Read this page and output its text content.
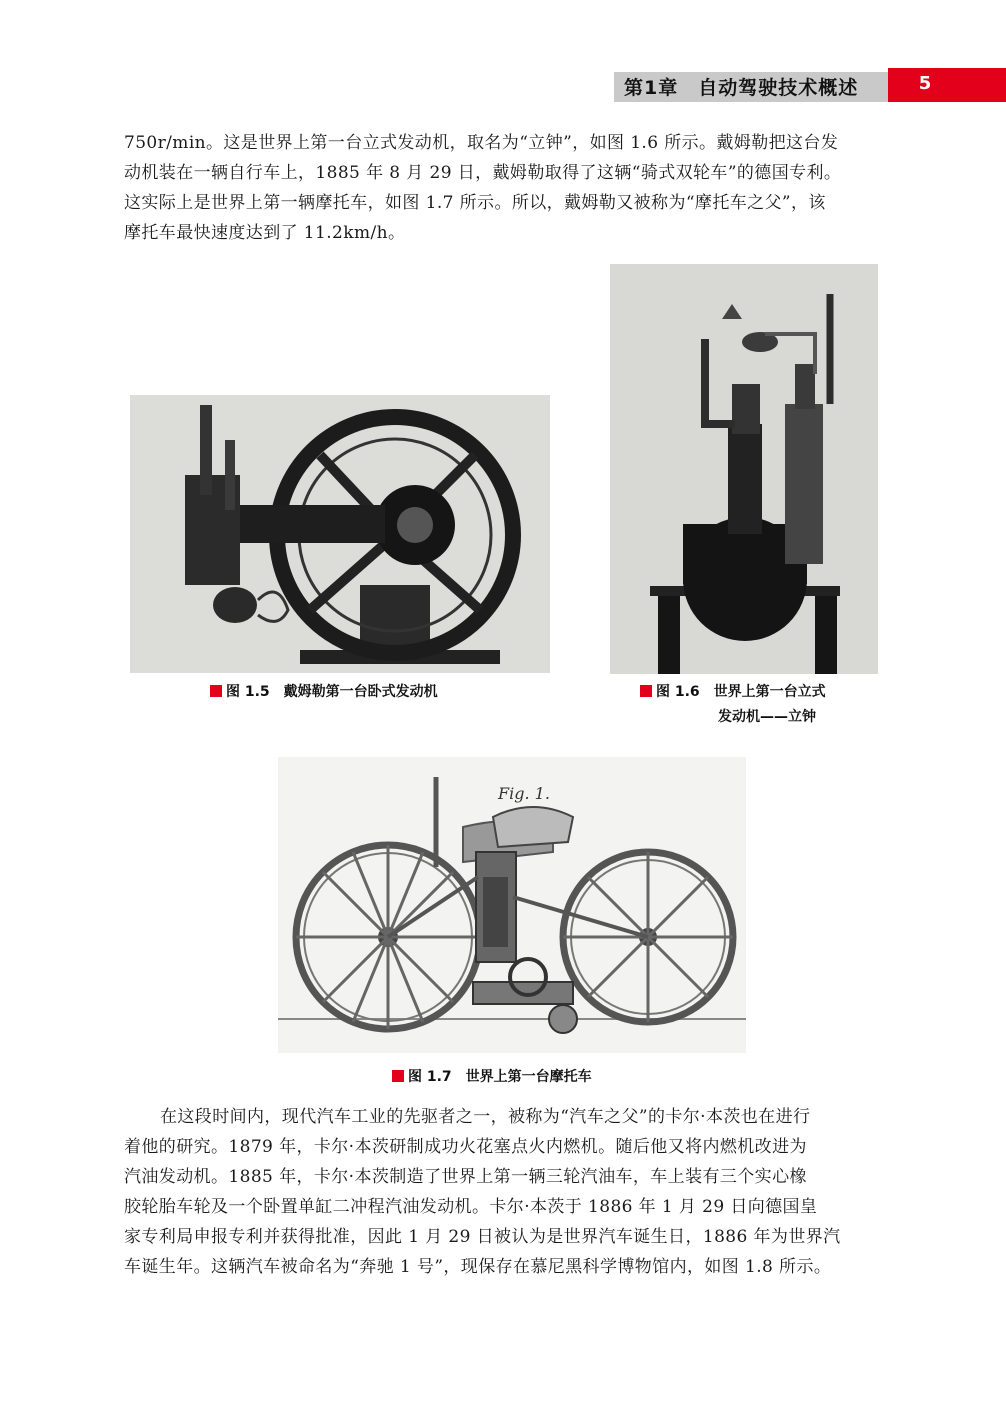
第1章　自动驾驶技术概述	5
750r/min。这是世界上第一台立式发动机，取名为“立钟”，如图 1.6 所示。戴姆勒把这台发
动机装在一辆自行车上，1885 年 8 月 29 日，戴姆勒取得了这辆“骑式双轮车”的德国专利。
这实际上是世界上第一辆摩托车，如图 1.7 所示。所以，戴姆勒又被称为“摩托车之父”，该
摩托车最快速度达到了 11.2km/h。
图 1.5　戴姆勒第一台卧式发动机	图 1.6　世界上第一台立式
发动机——立钟
Fig. 1.
图 1.7　世界上第一台摩托车
在这段时间内，现代汽车工业的先驱者之一，被称为“汽车之父”的卡尔·本茨也在进行
着他的研究。1879 年，卡尔·本茨研制成功火花塞点火内燃机。随后他又将内燃机改进为
汽油发动机。1885 年，卡尔·本茨制造了世界上第一辆三轮汽油车，车上装有三个实心橡
胶轮胎车轮及一个卧置单缸二冲程汽油发动机。卡尔·本茨于 1886 年 1 月 29 日向德国皇
家专利局申报专利并获得批准，因此 1 月 29 日被认为是世界汽车诞生日，1886 年为世界汽
车诞生年。这辆汽车被命名为“奔驰 1 号”，现保存在慕尼黑科学博物馆内，如图 1.8 所示。
